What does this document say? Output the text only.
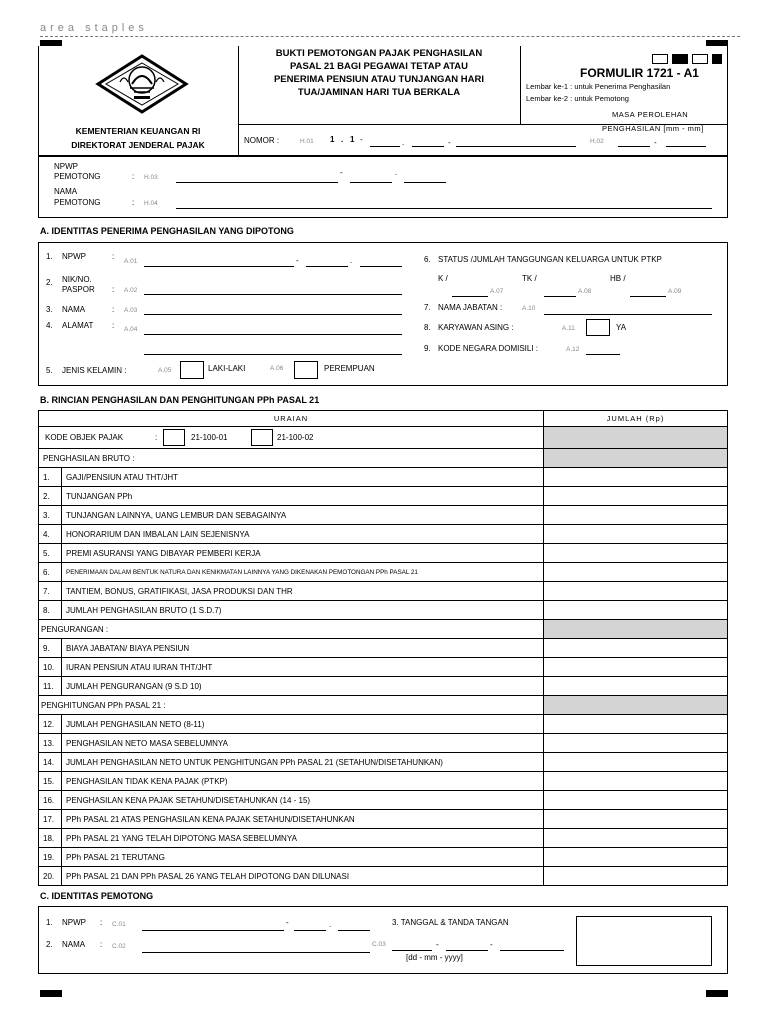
area staples
KEMENTERIAN KEUANGAN RI
DIREKTORAT JENDERAL PAJAK
BUKTI PEMOTONGAN PAJAK PENGHASILAN
PASAL 21 BAGI PEGAWAI TETAP ATAU
PENERIMA PENSIUN ATAU TUNJANGAN HARI
TUA/JAMINAN HARI TUA BERKALA
FORMULIR 1721 - A1
Lembar ke-1 : untuk Penerima Penghasilan
Lembar ke-2 : untuk Pemotong
MASA PEROLEHAN
PENGHASILAN [mm - mm]
H.02	-
NOMOR :	H.01 1 . 1 -	.	-
NPWP
PEMOTONG	: H.03
-	.
NAMA
PEMOTONG	: H.04
A. IDENTITAS PENERIMA PENGHASILAN YANG DIPOTONG
1. NPWP	:
A.01	-	.
2. NIK/NO.
PASPOR : A.02
3. NAMA	: A.03
4. ALAMAT : A.04
5. JENIS KELAMIN :	A.05	LAKI-LAKI	A.06	PEREMPUAN
6. STATUS /JUMLAH TANGGUNGAN KELUARGA UNTUK PTKP
K /
A.07
TK /
A.08
HB /
A.09
7. NAMA JABATAN :	A.10
8. KARYAWAN ASING :	A.11	YA
9. KODE NEGARA DOMISILI :	A.12
B. RINCIAN PENGHASILAN DAN PENGHITUNGAN PPh PASAL 21
URAIAN		JUMLAH (Rp)

KODE OBJEK PAJAK : 21-100-01 21-100-02		

PENGHASILAN BRUTO :		
1.	GAJI/PENSIUN ATAU THT/JHT	
2.	TUNJANGAN PPh	
3.	TUNJANGAN LAINNYA, UANG LEMBUR DAN SEBAGAINYA	
4.	HONORARIUM DAN IMBALAN LAIN SEJENISNYA	
5.	PREMI ASURANSI YANG DIBAYAR PEMBERI KERJA	
6.	PENERIMAAN DALAM BENTUK NATURA DAN KENIKMATAN LAINNYA YANG DIKENAKAN PEMOTONGAN PPh PASAL 21	
7.	TANTIEM, BONUS, GRATIFIKASI, JASA PRODUKSI DAN THR	
8.	JUMLAH PENGHASILAN BRUTO (1 S.D.7)	
PENGURANGAN :		
9.	BIAYA JABATAN/ BIAYA PENSIUN	
10.	IURAN PENSIUN ATAU IURAN THT/JHT	
11.	JUMLAH PENGURANGAN (9 S.D 10)	
PENGHITUNGAN PPh PASAL 21 :		
12.	JUMLAH PENGHASILAN NETO (8-11)	
13.	PENGHASILAN NETO MASA SEBELUMNYA	
14.	JUMLAH PENGHASILAN NETO UNTUK PENGHITUNGAN PPh PASAL 21 (SETAHUN/DISETAHUNKAN)	
15.	PENGHASILAN TIDAK KENA PAJAK (PTKP)	
16.	PENGHASILAN KENA PAJAK SETAHUN/DISETAHUNKAN (14 - 15)	
17.	PPh PASAL 21 ATAS PENGHASILAN KENA PAJAK SETAHUN/DISETAHUNKAN	
18.	PPh PASAL 21 YANG TELAH DIPOTONG MASA SEBELUMNYA	
19.	PPh PASAL 21 TERUTANG	
20.	PPh PASAL 21 DAN PPh PASAL 26 YANG TELAH DIPOTONG DAN DILUNASI	
C. IDENTITAS PEMOTONG
1. NPWP : C.01	-	.	3. TANGGAL & TANDA TANGAN
2. NAMA : C.02	C.03	-	-
[dd - mm - yyyy]
